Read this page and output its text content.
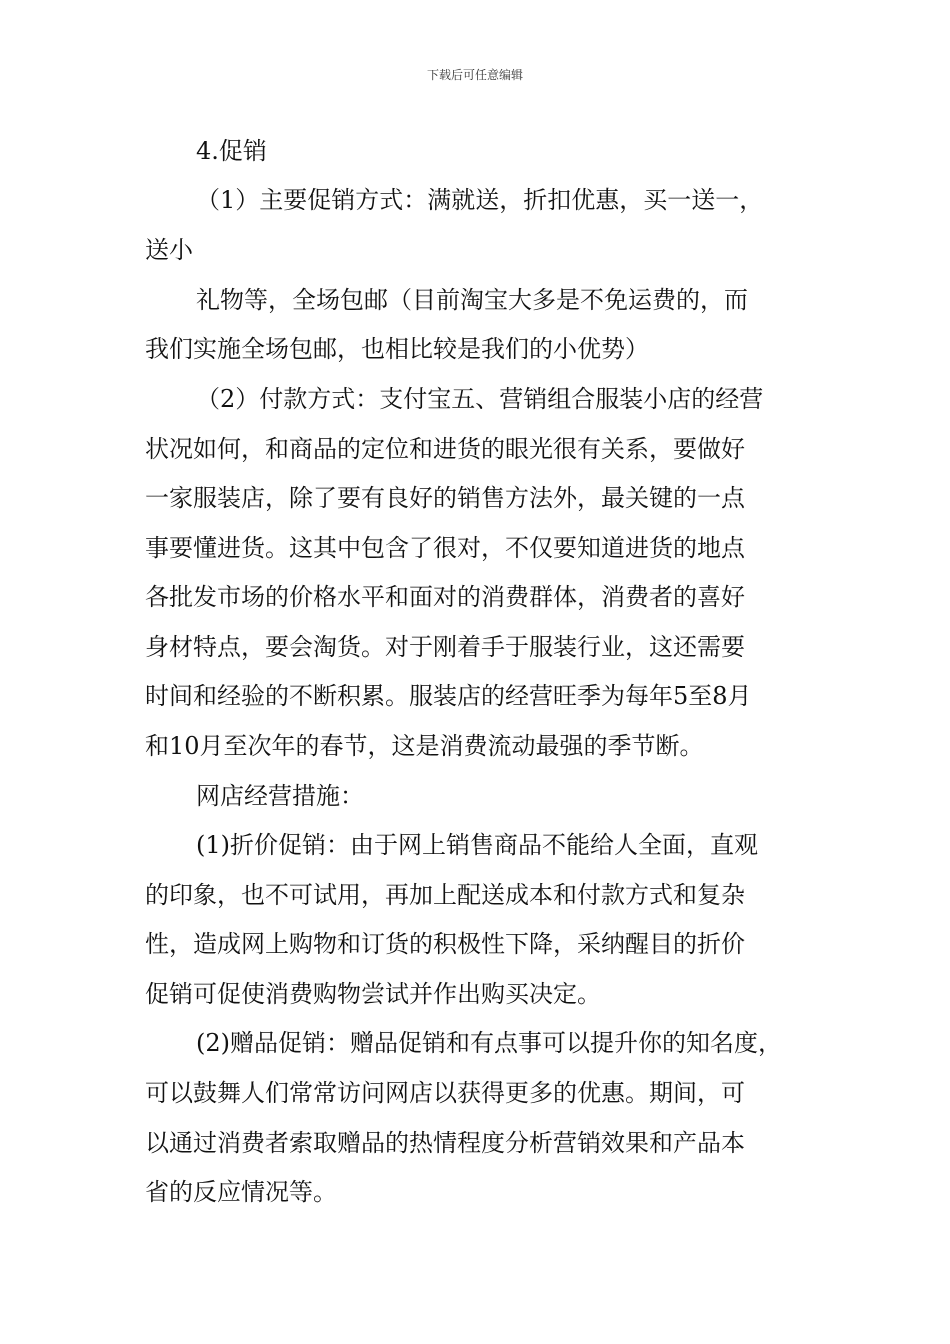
下载后可任意编辑
4.促销
（1）主要促销方式：满就送，折扣优惠，买一送一，
送小
礼物等，全场包邮（目前淘宝大多是不免运费的，而
我们实施全场包邮，也相比较是我们的小优势）
（2）付款方式：支付宝五、营销组合服装小店的经营
状况如何，和商品的定位和进货的眼光很有关系，要做好
一家服装店，除了要有良好的销售方法外，最关键的一点
事要懂进货。这其中包含了很对，不仅要知道进货的地点
各批发市场的价格水平和面对的消费群体，消费者的喜好
身材特点，要会淘货。对于刚着手于服装行业，这还需要
时间和经验的不断积累。服装店的经营旺季为每年5至8月
和10月至次年的春节，这是消费流动最强的季节断。
网店经营措施：
(1)折价促销：由于网上销售商品不能给人全面，直观
的印象，也不可试用，再加上配送成本和付款方式和复杂
性，造成网上购物和订货的积极性下降，采纳醒目的折价
促销可促使消费购物尝试并作出购买决定。
(2)赠品促销：赠品促销和有点事可以提升你的知名度，
可以鼓舞人们常常访问网店以获得更多的优惠。期间，可
以通过消费者索取赠品的热情程度分析营销效果和产品本
省的反应情况等。
